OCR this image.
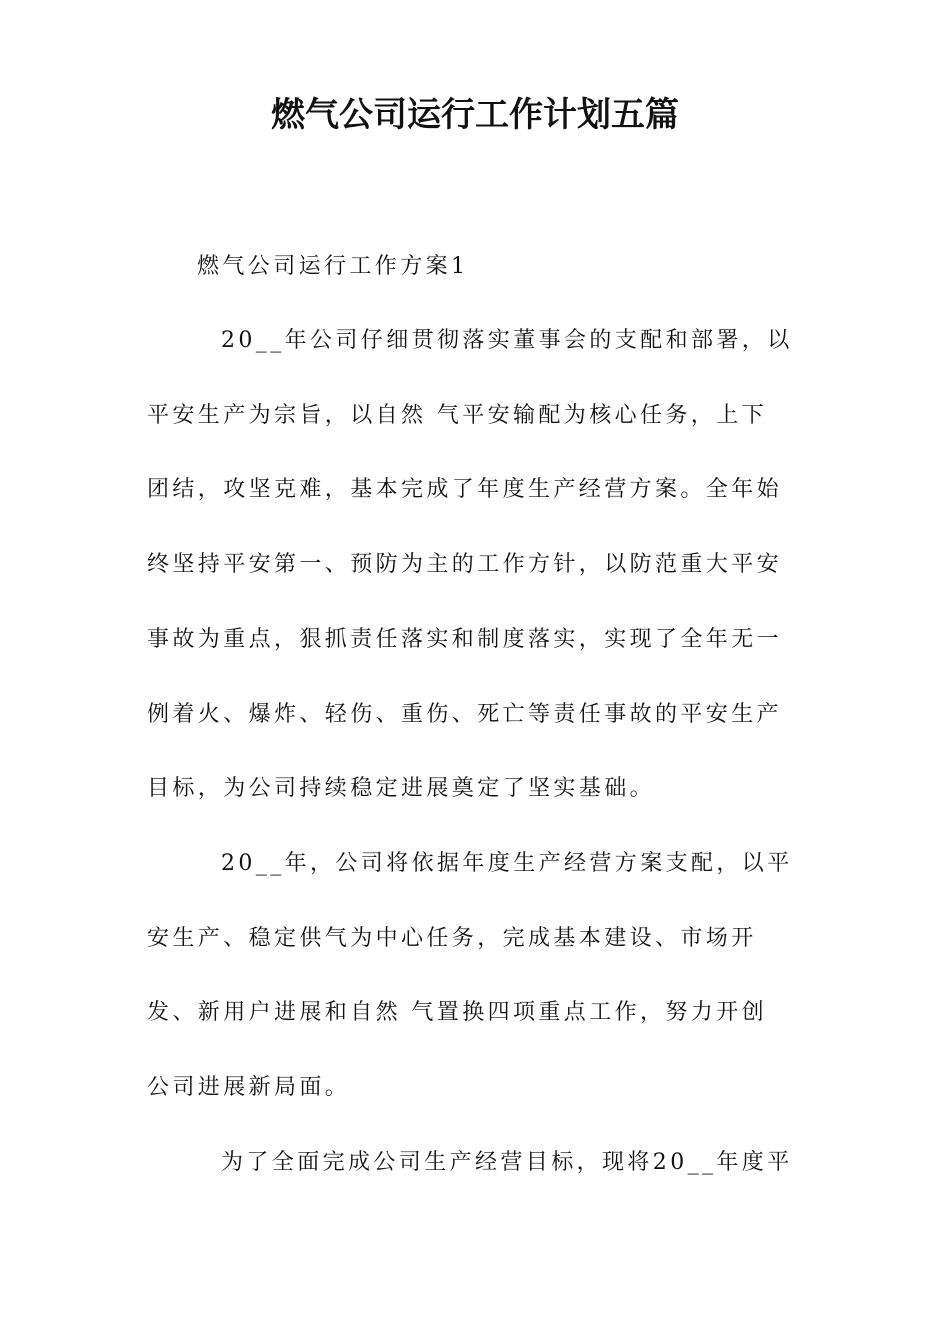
燃气公司运行工作计划五篇

燃气公司运行工作方案1

20__年公司仔细贯彻落实董事会的支配和部署，以

平安生产为宗旨，以自然 气平安输配为核心任务，上下

团结，攻坚克难，基本完成了年度生产经营方案。全年始

终坚持平安第一、预防为主的工作方针，以防范重大平安

事故为重点，狠抓责任落实和制度落实，实现了全年无一

例着火、爆炸、轻伤、重伤、死亡等责任事故的平安生产

目标，为公司持续稳定进展奠定了坚实基础。

20__年，公司将依据年度生产经营方案支配，以平

安生产、稳定供气为中心任务，完成基本建设、市场开

发、新用户进展和自然 气置换四项重点工作，努力开创

公司进展新局面。

为了全面完成公司生产经营目标，现将20__年度平
